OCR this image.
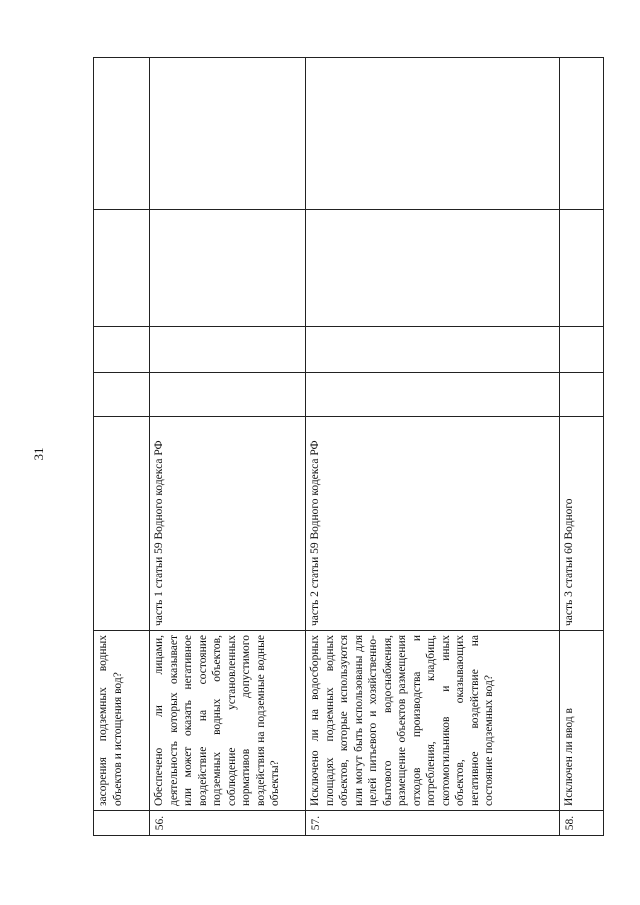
31
засорения подземных водных объектов и истощения вод?
56.
Обеспечено ли лицами, деятельность которых оказывает или может оказать негативное воздействие на состояние подземных водных объектов, соблюдение установленных нормативов допустимого воздействия на подземные водные объекты?
часть 1 статьи 59 Водного кодекса РФ
57.
Исключено ли на водосборных площадях подземных водных объектов, которые используются или могут быть использованы для целей питьевого и хозяйственно-бытового водоснабжения, размещение объектов размещения отходов производства и потребления, кладбищ, скотомогильников и иных объектов, оказывающих негативное воздействие на состояние подземных вод?
часть 2 статьи 59 Водного кодекса РФ
58.
Исключен ли ввод в
часть 3 статьи 60 Водного
